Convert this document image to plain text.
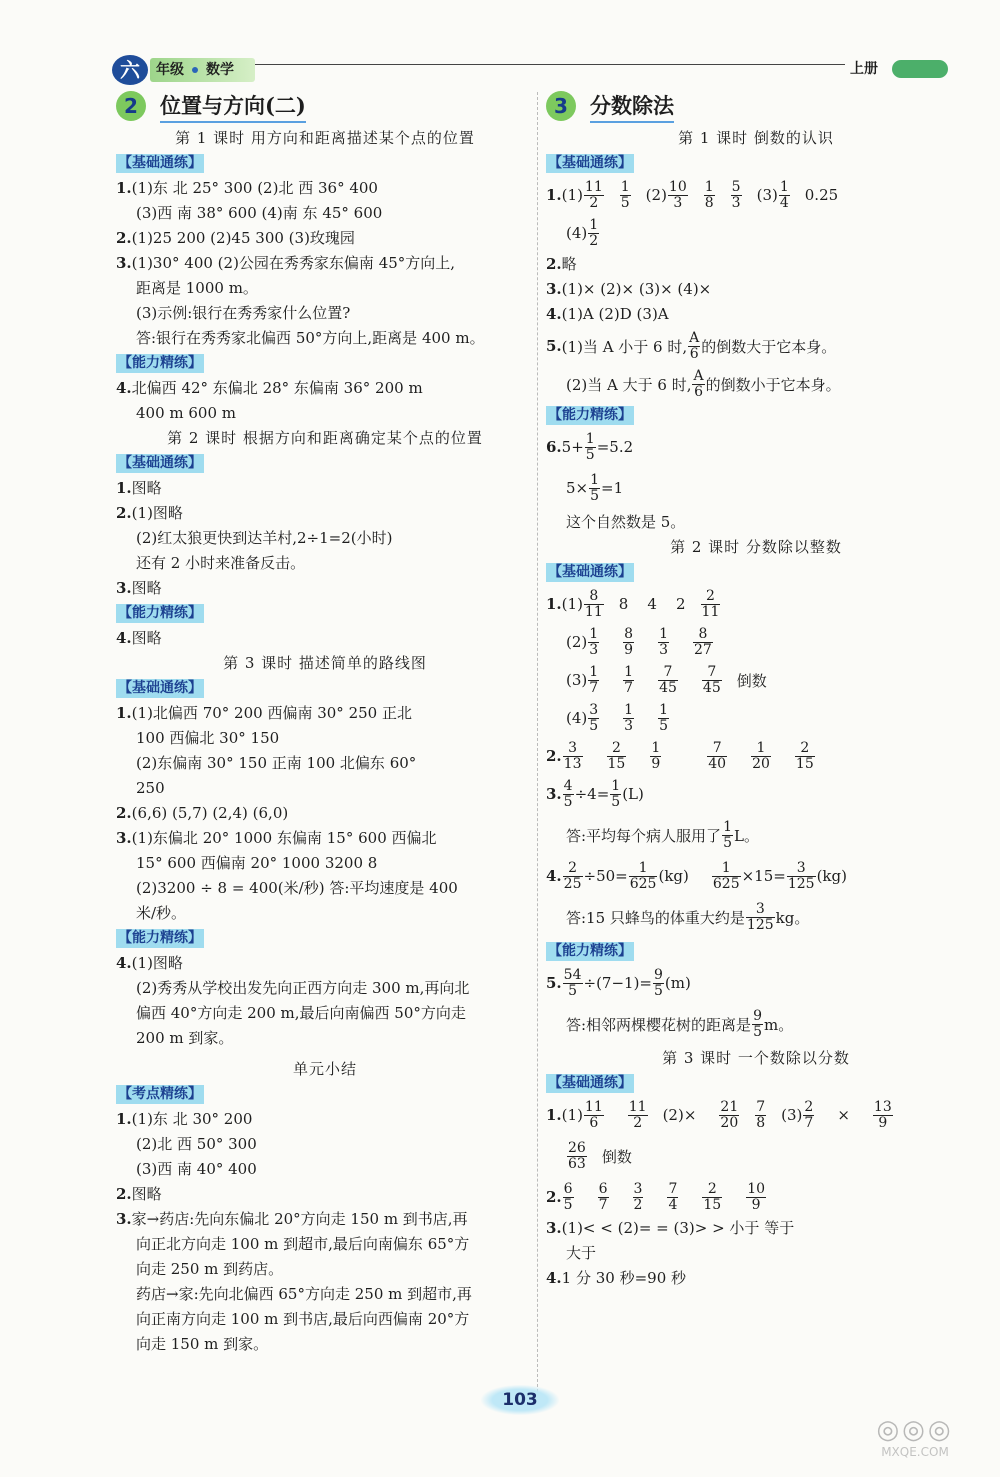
六	年级 数学	上册
2	位置与方向(二)
第 1 课时 用方向和距离描述某个点的位置
【基础通练】
1.(1)东 北 25° 300 (2)北 西 36° 400
(3)西 南 38° 600 (4)南 东 45° 600
2.(1)25 200 (2)45 300 (3)玫瑰园
3.(1)30° 400 (2)公园在秀秀家东偏南 45°方向上,
距离是 1000 m。
(3)示例:银行在秀秀家什么位置?
答:银行在秀秀家北偏西 50°方向上,距离是 400 m。
【能力精练】
4.北偏西 42° 东偏北 28° 东偏南 36° 200 m
400 m 600 m
第 2 课时 根据方向和距离确定某个点的位置
【基础通练】
1.图略
2.(1)图略
(2)红太狼更快到达羊村,2÷1=2(小时)
还有 2 小时来准备反击。
3.图略
【能力精练】
4.图略
第 3 课时 描述简单的路线图
【基础通练】
1.(1)北偏西 70° 200 西偏南 30° 250 正北
100 西偏北 30° 150
(2)东偏南 30° 150 正南 100 北偏东 60°
250
2.(6,6) (5,7) (2,4) (6,0)
3.(1)东偏北 20° 1000 东偏南 15° 600 西偏北
15° 600 西偏南 20° 1000 3200 8
(2)3200 ÷ 8 = 400(米/秒) 答:平均速度是 400
米/秒。
【能力精练】
4.(1)图略
(2)秀秀从学校出发先向正西方向走 300 m,再向北
偏西 40°方向走 200 m,最后向南偏西 50°方向走
200 m 到家。
单元小结
【考点精练】
1.(1)东 北 30° 200
(2)北 西 50° 300
(3)西 南 40° 400
2.图略
3.家→药店:先向东偏北 20°方向走 150 m 到书店,再
向正北方向走 100 m 到超市,最后向南偏东 65°方
向走 250 m 到药店。
药店→家:先向北偏西 65°方向走 250 m 到超市,再
向正南方向走 100 m 到书店,最后向西偏南 20°方
向走 150 m 到家。
3	分数除法
第 1 课时 倒数的认识
【基础通练】
1. $(1) \frac{11}{2} \frac{1}{5} (2) \frac{10}{3} \frac{1}{8} \frac{5}{3} (3) \frac{1}{4} 0.25$
$(4) \frac{1}{2}$
2.略
3.(1)× (2)× (3)× (4)×
4.(1)A (2)D (3)A
5. (1)当 A 小于 6 时, $\frac{A}{6}$ 的倒数大于它本身。
(2)当 A 大于 6 时, $\frac{A}{6}$ 的倒数小于它本身。
【能力精练】
6. $5+ \frac{1}{5} =5.2$
$5\times \frac{1}{5} =1$
这个自然数是 5。
第 2 课时 分数除以整数
【基础通练】
1. $(1) \frac{8}{11} 8$    4    $2 \frac{2}{11}$
$(2) \frac{1}{3} \frac{8}{9} \frac{1}{3} \frac{8}{27}$
$(3) \frac{1}{7} \frac{1}{7} \frac{7}{45} \frac{7}{45}$ 倒数
$(4) \frac{3}{5} \frac{1}{3} \frac{1}{5}$
2. $\frac{3}{13} \frac{2}{15} \frac{1}{9}$	$\frac{7}{40} \frac{1}{20} \frac{2}{15}$
3. $\frac{4}{5} \div 4= \frac{1}{5} (L)$
答:平均每个病人服用了 $\frac{1}{5}$ L。
4. $\frac{2}{25} \div 50= \frac{1}{625} (kg) \frac{1}{625} \times 15= \frac{3}{125} (kg)$
答:15 只蜂鸟的体重大约是 $\frac{3}{125}$ kg。
【能力精练】
5. $\frac{54}{5} \div(7-1)= \frac{9}{5} (m)$
答:相邻两棵樱花树的距离是 $\frac{9}{5}$ m。
第 3 课时 一个数除以分数
【基础通练】
1. $(1) \frac{11}{6} \frac{11}{2} (2)\times \frac{21}{20} \frac{7}{8} (3) \frac{2}{7} \times \frac{13}{9}$
$\frac{26}{63}$ 倒数
2. $\frac{6}{5} \frac{6}{7} \frac{3}{2} \frac{7}{4} \frac{2}{15} \frac{10}{9}$
3.(1)< < (2)= = (3)> > 小于 等于
大于
4.1 分 30 秒=90 秒
103
◎◎◎
MXQE.COM
